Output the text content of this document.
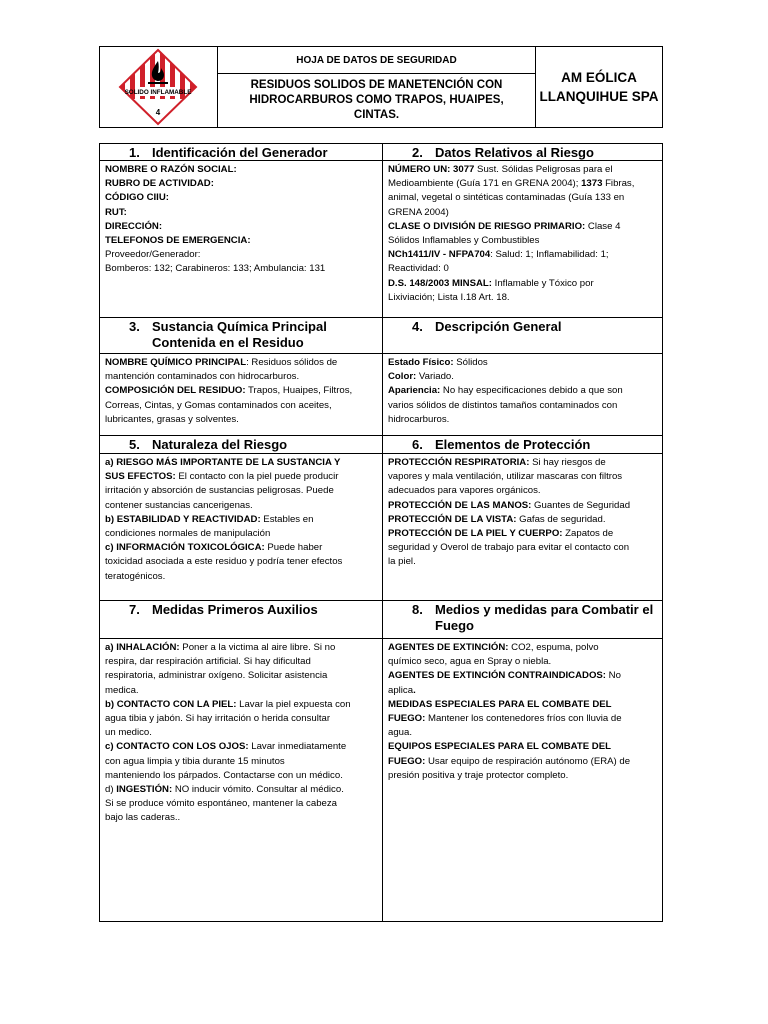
SOLIDO INFLAMABLE
4
HOJA DE DATOS DE SEGURIDAD
RESIDUOS SOLIDOS DE MANETENCIÓN CON
HIDROCARBUROS COMO TRAPOS, HUAIPES, CINTAS.
AM EÓLICA
LLANQUIHUE SPA
1. Identificación del Generador
NOMBRE O RAZÓN SOCIAL:
RUBRO DE ACTIVIDAD:
CÓDIGO CIIU:
RUT:
DIRECCIÓN:
TELEFONOS DE EMERGENCIA:
Proveedor/Generador:
Bomberos: 132; Carabineros: 133; Ambulancia: 131
2. Datos Relativos al Riesgo
NÚMERO UN: 3077 Sust. Sólidas Peligrosas para el
Medioambiente (Guía 171 en GRENA 2004); 1373 Fibras,
animal, vegetal o sintéticas contaminadas (Guía 133 en
GRENA 2004)
CLASE O DIVISIÓN DE RIESGO PRIMARIO: Clase 4
Sólidos Inflamables y Combustibles
NCh1411/IV - NFPA704: Salud: 1; Inflamabilidad: 1;
Reactividad: 0
D.S. 148/2003 MINSAL: Inflamable y Tóxico por
Lixiviación; Lista I.18 Art. 18.
3. Sustancia Química Principal Contenida en el Residuo
NOMBRE QUÍMICO PRINCIPAL: Residuos sólidos de
mantención contaminados con hidrocarburos.
COMPOSICIÓN DEL RESIDUO: Trapos, Huaipes, Filtros,
Correas, Cintas, y Gomas contaminados con aceites,
lubricantes, grasas y solventes.
4. Descripción General
Estado Físico: Sólidos
Color: Variado.
Apariencia: No hay especificaciones debido a que son
varios sólidos de distintos tamaños contaminados con
hidrocarburos.
5. Naturaleza del Riesgo
a) RIESGO MÁS IMPORTANTE DE LA SUSTANCIA Y
SUS EFECTOS: El contacto con la piel puede producir
irritación y absorción de sustancias peligrosas. Puede
contener sustancias cancerigenas.
b) ESTABILIDAD Y REACTIVIDAD: Estables en
condiciones normales de manipulación
c) INFORMACIÓN TOXICOLÓGICA: Puede haber
toxicidad asociada a este residuo y podría tener efectos
teratogénicos.
6. Elementos de Protección
PROTECCIÓN RESPIRATORIA: Si hay riesgos de
vapores y mala ventilación, utilizar mascaras con filtros
adecuados para vapores orgánicos.
PROTECCIÓN DE LAS MANOS: Guantes de Seguridad
PROTECCIÓN DE LA VISTA: Gafas de seguridad.
PROTECCIÓN DE LA PIEL Y CUERPO: Zapatos de
seguridad y Overol de trabajo para evitar el contacto con
la piel.
7. Medidas Primeros Auxilios
a) INHALACIÓN: Poner a la victima al aire libre. Si no
respira, dar respiración artificial. Si hay dificultad
respiratoria, administrar oxígeno. Solicitar asistencia
medica.
b) CONTACTO CON LA PIEL: Lavar la piel expuesta con
agua tibia y jabón. Si hay irritación o herida consultar
un medico.
c) CONTACTO CON LOS OJOS: Lavar inmediatamente
con agua limpia y tibia durante 15 minutos
manteniendo los párpados. Contactarse con un médico.
d) INGESTIÓN: NO inducir vómito. Consultar al médico.
Si se produce vómito espontáneo, mantener la cabeza
bajo las caderas..
8. Medios y medidas para Combatir el Fuego
AGENTES DE EXTINCIÓN: CO2, espuma, polvo
químico seco, agua en Spray o niebla.
AGENTES DE EXTINCIÓN CONTRAINDICADOS: No
aplica.
MEDIDAS ESPECIALES PARA EL COMBATE DEL
FUEGO: Mantener los contenedores fríos con lluvia de
agua.
EQUIPOS ESPECIALES PARA EL COMBATE DEL
FUEGO: Usar equipo de respiración autónomo (ERA) de
presión positiva y traje protector completo.
